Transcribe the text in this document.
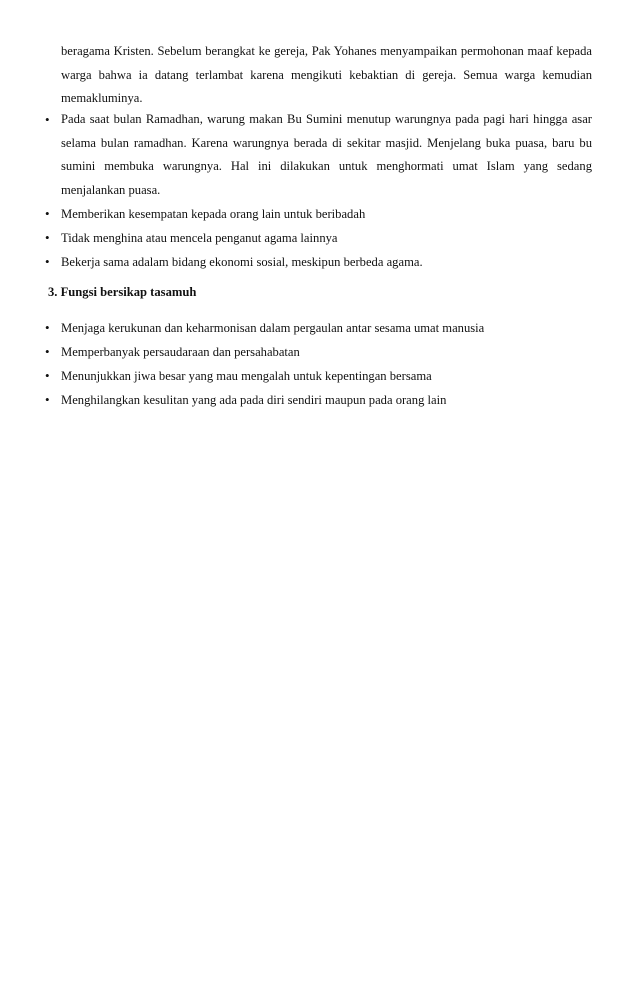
beragama Kristen. Sebelum berangkat ke gereja, Pak Yohanes menyampaikan permohonan maaf kepada warga bahwa ia datang terlambat karena mengikuti kebaktian di gereja. Semua warga kemudian memakluminya.

• Pada saat bulan Ramadhan, warung makan Bu Sumini menutup warungnya pada pagi hari hingga asar selama bulan ramadhan. Karena warungnya berada di sekitar masjid. Menjelang buka puasa, baru bu sumini membuka warungnya. Hal ini dilakukan untuk menghormati umat Islam yang sedang menjalankan puasa.
• Memberikan kesempatan kepada orang lain untuk beribadah
• Tidak menghina atau mencela penganut agama lainnya
• Bekerja sama adalam bidang ekonomi sosial, meskipun berbeda agama.
3. Fungsi bersikap tasamuh
• Menjaga kerukunan dan keharmonisan dalam pergaulan antar sesama umat manusia
• Memperbanyak persaudaraan dan persahabatan
• Menunjukkan jiwa besar yang mau mengalah untuk kepentingan bersama
• Menghilangkan kesulitan yang ada pada diri sendiri maupun pada orang lain
